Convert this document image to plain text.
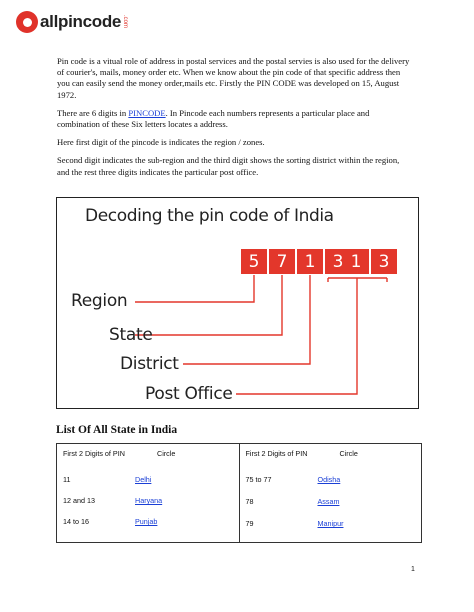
allpincode .com

Pin code is a vitual role of address in postal services and the postal servies is also used for the delivery of courier's, mails, money order etc. When we know about the pin code of that specific address then you can easily send the money order,mails etc. Firstly the PIN CODE was developed on 15, August 1972.

There are 6 digits in PINCODE. In Pincode each numbers represents a particular place and combination of these Six letters locates a address.

Here first digit of the pincode is indicates the region / zones.

Second digit indicates the sub-region and the third digit shows the sorting district within the region, and the rest three digits indicates the particular post office.

Decoding the pin code of India
5	7	1	3 1	3
Region
State
District
Post Office
List Of All State in India
First 2 Digits of PIN	Circle
11	Delhi
12 and 13	Haryana
14 to 16	Punjab

First 2 Digits of PIN	Circle
75 to 77	Odisha
78	Assam
79	Manipur
1
